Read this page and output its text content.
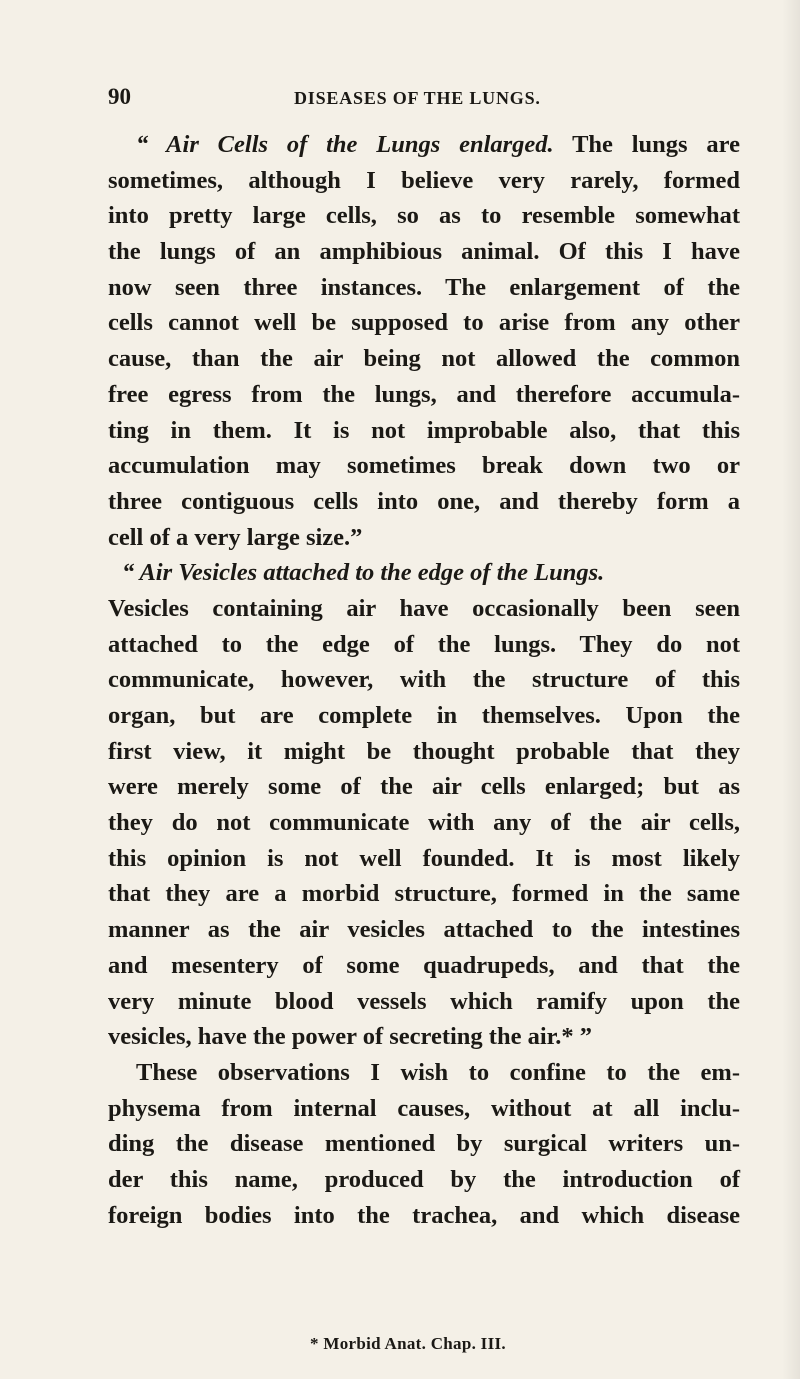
90	DISEASES OF THE LUNGS.
“ Air Cells of the Lungs enlarged. The lungs are
sometimes, although I believe very rarely, formed
into pretty large cells, so as to resemble somewhat
the lungs of an amphibious animal. Of this I have
now seen three instances. The enlargement of the
cells cannot well be supposed to arise from any other
cause, than the air being not allowed the common
free egress from the lungs, and therefore accumula-
ting in them. It is not improbable also, that this
accumulation may sometimes break down two or
three contiguous cells into one, and thereby form a
cell of a very large size.”
“ Air Vesicles attached to the edge of the Lungs.
Vesicles containing air have occasionally been seen
attached to the edge of the lungs. They do not
communicate, however, with the structure of this
organ, but are complete in themselves. Upon the
first view, it might be thought probable that they
were merely some of the air cells enlarged; but as
they do not communicate with any of the air cells,
this opinion is not well founded. It is most likely
that they are a morbid structure, formed in the same
manner as the air vesicles attached to the intestines
and mesentery of some quadrupeds, and that the
very minute blood vessels which ramify upon the
vesicles, have the power of secreting the air.* ”
These observations I wish to confine to the em-
physema from internal causes, without at all inclu-
ding the disease mentioned by surgical writers un-
der this name, produced by the introduction of
foreign bodies into the trachea, and which disease
* Morbid Anat. Chap. III.
